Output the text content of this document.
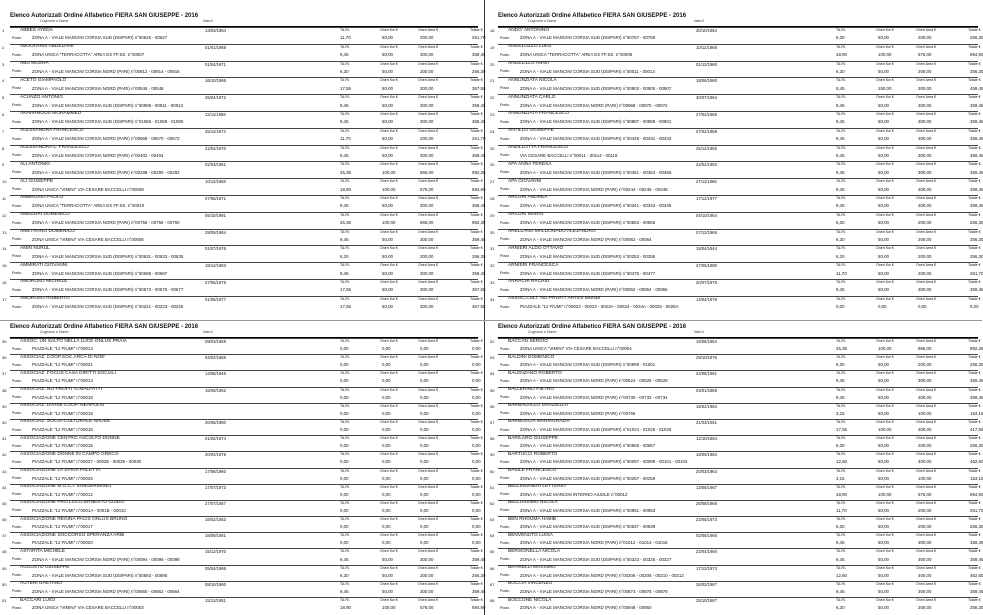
Elenco Autorizzati Ordine Alfabetico FIERA SAN GIUSEPPE - 2016
Cognome e Nome	Nato il
1	ABBES AYEDA	13/03/1984	TA.RI.	Oneri Kw €	Oneri Area €	Totale €
Posto ZONA A - VIALE MANCINI CORSIA SUD (DISPARI) n°00625 - 00627	11,70	50,00	200,00	261,70
2	ABOUFARIS ABDELHAK	01/01/1968	TA.RI.	Oneri Kw €	Oneri Area €	Totale €
Posto ZONA UNICA "TERRACOTTA" AREA EX FF.SS. n°00007	9,45	50,00	300,00	359,45
3	ABU MUSHA	01/04/1971	TA.RI.	Oneri Kw €	Oneri Area €	Totale €
Posto ZONA A - VIALE MANCINI CORSIA NORD (PARI) n°00912 - 00914 - 00916	6,30	50,00	200,00	256,30
4	ACETO GIAMPAOLO	16/10/1966	TA.RI.	Oneri Kw €	Oneri Area €	Totale €
Posto ZONA A - VIALE MANCINI CORSIA NORD (PARI) n°00546 - 00548	17,55	50,00	300,00	367,55
5	ACUNZO ANTONIO	25/04/1972	TA.RI.	Oneri Kw €	Oneri Area €	Totale €
Posto ZONA A - VIALE MANCINI CORSIA SUD (DISPARI) n°00909 - 00911 - 00913	9,45	50,00	300,00	359,45
6	AKHARMOUS MOHAMMED	12/11/1968	TA.RI.	Oneri Kw €	Oneri Area €	Totale €
Posto ZONA A - VIALE MANCINI CORSIA SUD (DISPARI) n°01066 - 01068 - 01090	9,45	50,00	300,00	359,45
7	ALESSANDRA FRANCESCO	25/11/1973	TA.RI.	Oneri Kw €	Oneri Area €	Totale €
Posto ZONA A - VIALE MANCINI CORSIA NORD (PARI) n°00568 - 00570 - 00572	11,70	50,00	200,00	261,70
8	ALESSANDRA L. FRANCESCO	22/02/1970	TA.RI.	Oneri Kw €	Oneri Area €	Totale €
Posto ZONA A - VIALE MANCINI CORSIA NORD (PARI) n°00402 - 00404	9,45	50,00	300,00	359,45
9	ALI ANTONIO	02/03/1961	TA.RI.	Oneri Kw €	Oneri Area €	Totale €
Posto ZONA A - VIALE MANCINI CORSIA NORD (PARI) n°00288 - 00290 - 00292	26,35	100,00	866,00	992,35
10	ALI GIUSEPPE	10/12/1960	TA.RI.	Oneri Kw €	Oneri Area €	Totale €
Posto ZONA UNICA "VIMINI" VIA CESARE BACCELLI n°00009	18,90	100,00	576,00	694,90
11	AMBROSIO PAOLO	07/06/1971	TA.RI.	Oneri Kw €	Oneri Area €	Totale €
Posto ZONA UNICA "TERRACOTTA" AREA EX FF.SS. n°00010	9,45	50,00	300,00	359,45
12	AMEDURI DOMENICO	05/10/1991	TA.RI.	Oneri Kw €	Oneri Area €	Totale €
Posto ZONA A - VIALE MANCINI CORSIA NORD (PARI) n°00756 - 00758 - 00760	26,35	100,00	866,00	992,35
13	AMETRANO DOMENICO	29/09/1964	TA.RI.	Oneri Kw €	Oneri Area €	Totale €
Posto ZONA UNICA "VIMINI" VIA CESARE BACCELLI n°00005	9,45	50,00	300,00	359,45
14	AMIN NURUL	01/07/1976	TA.RI.	Oneri Kw €	Oneri Area €	Totale €
Posto ZONA A - VIALE MANCINI CORSIA SUD (DISPARI) n°00631 - 00633 - 00635	6,30	50,00	200,00	256,30
15	AMMIRATI GIOVANNI	18/12/1963	TA.RI.	Oneri Kw €	Oneri Area €	Totale €
Posto ZONA A - VIALE MANCINI CORSIA SUD (DISPARI) n°00695 - 00697	9,45	50,00	300,00	359,45
16	AMORUSO MICHELE	27/06/1975	TA.RI.	Oneri Kw €	Oneri Area €	Totale €
Posto ZONA A - VIALE MANCINI CORSIA SUD (DISPARI) n°00673 - 00675 - 00677	17,55	50,00	300,00	367,55
17	AMORUSO ROBERTO	01/05/1977	TA.RI.	Oneri Kw €	Oneri Area €	Totale €
Posto ZONA A - VIALE MANCINI CORSIA SUD (DISPARI) n°00221 - 00223 - 00225	17,55	50,00	300,00	367,55
Elenco Autorizzati Ordine Alfabetico FIERA SAN GIUSEPPE - 2016
Cognome e Nome	Nato il
18	ANDO' ANTONINO	30/10/1954	TA.RI.	Oneri Kw €	Oneri Area €	Totale €
Posto ZONA A - VIALE MANCINI CORSIA SUD (DISPARI) n°00767 - 00769	6,30	50,00	200,00	256,30
19	ANGELOZZO LUIGI	10/12/1968	TA.RI.	Oneri Kw €	Oneri Area €	Totale €
Posto ZONA UNICA "TERRACOTTA" AREA EX FF.SS. n°00005	18,90	100,00	576,00	694,90
20	ANGELILLO ANNA	01/12/1960	TA.RI.	Oneri Kw €	Oneri Area €	Totale €
Posto ZONA A - VIALE MANCINI CORSIA SUD (DISPARI) n°00011 - 00013	6,30	50,00	200,00	256,30
21	ANNUNZIATA NICOLA	16/06/1960	TA.RI.	Oneri Kw €	Oneri Area €	Totale €
Posto ZONA A - VIALE MANCINI CORSIA SUD (DISPARI) n°00903 - 00905 - 00907	9,45	150,00	300,00	459,45
22	ANNUNZIATA CARLO	30/07/1964	TA.RI.	Oneri Kw €	Oneri Area €	Totale €
Posto ZONA A - VIALE MANCINI CORSIA NORD (PARI) n°00968 - 00970 - 00972	9,45	50,00	300,00	359,45
23	ANNUNZIATA FRANCESCO	27/02/1966	TA.RI.	Oneri Kw €	Oneri Area €	Totale €
Posto ZONA A - VIALE MANCINI CORSIA SUD (DISPARI) n°00897 - 00899 - 00901	9,45	50,00	300,00	359,45
24	ANTILLO GIUSEPPE	07/02/1958	TA.RI.	Oneri Kw €	Oneri Area €	Totale €
Posto ZONA A - VIALE MANCINI CORSIA SUD (DISPARI) n°00429 - 00431 - 00433	9,45	50,00	300,00	359,45
25	ANZILLOTTA FRANCESCO	25/12/1955	TA.RI.	Oneri Kw €	Oneri Area €	Totale €
Posto VIA CESARE BACCELLI n°00011 - 00114 - 00118	9,45	50,00	300,00	359,45
26	APA ANNA TERESA	22/02/1963	TA.RI.	Oneri Kw €	Oneri Area €	Totale €
Posto ZONA A - VIALE MANCINI CORSIA SUD (DISPARI) n°00361 - 00363 - 00365	9,45	50,00	300,00	359,45
27	APA GIOVANNI	27/11/1966	TA.RI.	Oneri Kw €	Oneri Area €	Totale €
Posto ZONA A - VIALE MANCINI CORSIA NORD (PARI) n°00244 - 00246 - 00248	9,45	50,00	300,00	359,45
28	ARCURI ANDREA	17/12/1977	TA.RI.	Oneri Kw €	Oneri Area €	Totale €
Posto ZONA A - VIALE MANCINI CORSIA SUD (DISPARI) n°00341 - 00343 - 00345	9,45	50,00	300,00	359,45
29	ARCURI MARIO	04/10/1954	TA.RI.	Oneri Kw €	Oneri Area €	Totale €
Posto ZONA A - VIALE MANCINI CORSIA SUD (DISPARI) n°00563 - 00565	6,30	50,00	200,00	256,30
30	ARELLANO MALDONADO ALEJANDRO	07/12/1969	TA.RI.	Oneri Kw €	Oneri Area €	Totale €
Posto ZONA A - VIALE MANCINI CORSIA NORD (PARI) n°00062 - 00064	6,30	50,00	200,00	256,30
31	ARNIERI ALDO OTTAVIO	15/04/1944	TA.RI.	Oneri Kw €	Oneri Area €	Totale €
Posto ZONA A - VIALE MANCINI CORSIA SUD (DISPARI) n°00253 - 00255	6,30	50,00	200,00	256,30
32	ARNIERI FRANCESCA	27/05/1980	TA.RI.	Oneri Kw €	Oneri Area €	Totale €
Posto ZONA A - VIALE MANCINI CORSIA SUD (DISPARI) n°00475 - 00477	11,70	50,00	200,00	261,70
33	ARRACHI RACHID	20/07/1976	TA.RI.	Oneri Kw €	Oneri Area €	Totale €
Posto ZONA A - VIALE MANCINI CORSIA NORD (PARI) n°00952 - 00954 - 00956	9,45	50,00	300,00	359,45
34	ASSOC.CULT. NO PROFIT ARTES MUNDI	14/04/1978	TA.RI.	Oneri Kw €	Oneri Area €	Totale €
Posto PIAZZALE "12 FIUMI" n°00022 - 00023 - 0023A - 00024 - 0024A - 00025 - 0025A	0,00	0,00	0,00	0,00
Elenco Autorizzati Ordine Alfabetico FIERA SAN GIUSEPPE - 2016
Cognome e Nome	Nato il
35	ASSOC. UN SALTO NELLA LUCE ONLUS PRAIA	09/03/1959	TA.RI.	Oneri Kw €	Oneri Area €	Totale €
Posto PIAZZALE "12 FIUMI" n°00014	0,00	0,00	0,00	0,00
36	ASSOCIAZ. COOP.SOC.ARCA DI NOE'	04/02/1966	TA.RI.	Oneri Kw €	Oneri Area €	Totale €
Posto PIAZZALE "12 FIUMI" n°00021	0,00	0,00	0,00	0,00
37	ASSOCIAZ. FOCUS CASA DIRITTI SOCIALI	14/08/1945	TA.RI.	Oneri Kw €	Oneri Area €	Totale €
Posto PIAZZALE "12 FIUMI" n°00013	0,00	0,00	0,00	0,00
38	ASSOCIAZ. NO PROFIT G.MALFATTI	15/09/1962	TA.RI.	Oneri Kw €	Oneri Area €	Totale €
Posto PIAZZALE "12 FIUMI" n°00018	0,00	0,00	0,00	0,00
39	ASSOCIAZ. DIVISE COOP. NEAPOLIS	TA.RI.	Oneri Kw €	Oneri Area €	Totale €
Posto PIAZZALE "12 FIUMI" n°00019	0,00	0,00	0,00	0,00
40	ASSOCIAZ. SOCIO-CULTURALE NAUDE	20/08/1960	TA.RI.	Oneri Kw €	Oneri Area €	Totale €
Posto PIAZZALE "12 FIUMI" n°00016	0,00	0,00	0,00	0,00
41	ASSOCIAZIONE CENTRO ASCOLTO DONNE	01/02/1974	TA.RI.	Oneri Kw €	Oneri Area €	Totale €
Posto PIAZZALE "12 FIUMI" n°00015	0,00	0,00	0,00	0,00
42	ASSOCIAZIONE DONNE IN CAMPO GRECO	20/04/1978	TA.RI.	Oneri Kw €	Oneri Area €	Totale €
Posto PIAZZALE "12 FIUMI" n°00027 - 00028 - 00029 - 00030	0,00	0,00	0,00	0,00
43	ASSOCIAZIONE LA SPIGA PALETTA	17/06/1960	TA.RI.	Oneri Kw €	Oneri Area €	Totale €
Posto PIAZZALE "12 FIUMI" n°00026	0,00	0,00	0,00	0,00
44	ASSOCIAZIONE M.O.C.I. SANGERMANO	17/07/1973	TA.RI.	Oneri Kw €	Oneri Area €	Totale €
Posto PIAZZALE "12 FIUMI" n°00012	0,00	0,00	0,00	0,00
45	ASSOCIAZIONE PRO LOCO ERNESTO GUIDO	27/07/1957	TA.RI.	Oneri Kw €	Oneri Area €	Totale €
Posto PIAZZALE "12 FIUMI" n°0001A - 0001B - 0001C	0,00	0,00	0,00	0,00
46	ASSOCIAZIONE REGINA PACIS ONLUS BRUNO	18/02/1953	TA.RI.	Oneri Kw €	Oneri Area €	Totale €
Posto PIAZZALE "12 FIUMI" n°00017	0,00	0,00	0,00	0,00
47	ASSOCIAZIONE SOCCORSO SPERANZA ARBI	18/09/1961	TA.RI.	Oneri Kw €	Oneri Area €	Totale €
Posto PIAZZALE "12 FIUMI" n°00020	0,00	0,00	0,00	0,00
48	ASTARITA MICHELE	15/12/1970	TA.RI.	Oneri Kw €	Oneri Area €	Totale €
Posto ZONA A - VIALE MANCINI CORSIA NORD (PARI) n°00094 - 00096 - 00098	9,45	50,00	300,00	359,45
49	AUGUSTO GIUSEPPE	05/04/1966	TA.RI.	Oneri Kw €	Oneri Area €	Totale €
Posto ZONA A - VIALE MANCINI CORSIA SUD (DISPARI) n°00693 - 00695	6,30	50,00	200,00	256,30
50	AUTERI GAETANO	08/10/1960	TA.RI.	Oneri Kw €	Oneri Area €	Totale €
Posto ZONA A - VIALE MANCINI CORSIA NORD (PARI) n°00660 - 00662 - 00664	9,45	50,00	300,00	359,45
51	BACCARI LUIGI	15/12/1951	TA.RI.	Oneri Kw €	Oneri Area €	Totale €
Posto ZONA UNICA "VIMINI" VIA CESARE BACCELLI n°00003	18,90	100,00	576,00	694,90
Elenco Autorizzati Ordine Alfabetico FIERA SAN GIUSEPPE - 2016
Cognome e Nome	Nato il
52	BACCAN SERGIO	16/06/1954	TA.RI.	Oneri Kw €	Oneri Area €	Totale €
Posto ZONA UNICA "VIMINI" VIA CESARE BACCELLI n°00004	26,35	100,00	866,00	992,35
53	BALDINI DOMENICO	29/10/1976	TA.RI.	Oneri Kw €	Oneri Area €	Totale €
Posto ZONA A - VIALE MANCINI CORSIA SUD (DISPARI) n°00999 - 01001	6,30	50,00	200,00	256,30
54	BALENZANO ROBERTO	22/08/1961	TA.RI.	Oneri Kw €	Oneri Area €	Totale €
Posto ZONA A - VIALE MANCINI CORSIA NORD (PARI) n°00524 - 00526 - 00528	9,45	50,00	300,00	359,45
55	BALLERINO PIETRO	03/01/1959	TA.RI.	Oneri Kw €	Oneri Area €	Totale €
Posto ZONA A - VIALE MANCINI CORSIA NORD (PARI) n°00730 - 00732 - 00734	9,45	50,00	300,00	359,45
56	BARBAGALLO GRAZIELLA	15/02/1964	TA.RI.	Oneri Kw €	Oneri Area €	Totale €
Posto ZONA A - VIALE MANCINI CORSIA NORD (PARI) n°00766	3,15	50,00	100,00	153,15
57	BARBUSCIA MARIAGRAZIA	21/03/1961	TA.RI.	Oneri Kw €	Oneri Area €	Totale €
Posto ZONA A - VIALE MANCINI CORSIA SUD (DISPARI) n°01024 - 01026 - 01028	17,55	100,00	300,00	417,55
58	BARILARO GIUSEPPE	12/10/1994	TA.RI.	Oneri Kw €	Oneri Area €	Totale €
Posto ZONA A - VIALE MANCINI CORSIA SUD (DISPARI) n°00665 - 00667	6,30	50,00	200,00	256,30
59	BARTUCCI ROBERTO	18/09/1964	TA.RI.	Oneri Kw €	Oneri Area €	Totale €
Posto ZONA A - VIALE MANCINI CORSIA SUD (DISPARI) n°00097 - 00099 - 00101 - 00103	12,60	50,00	400,00	462,60
60	BASILE FRANCESCO	20/03/1963	TA.RI.	Oneri Kw €	Oneri Area €	Totale €
Posto ZONA A - VIALE MANCINI CORSIA SUD (DISPARI) n°00257 - 00259	3,15	50,00	100,00	153,15
61	BELLINGHIERI LETTERIO	13/06/1967	TA.RI.	Oneri Kw €	Oneri Area €	Totale €
Posto ZONA A - VIALE MANCINI INTERNO AIUOLE n°00012	18,90	100,00	576,00	694,90
62	BELLUSSIMO NICOLA	28/08/1968	TA.RI.	Oneri Kw €	Oneri Area €	Totale €
Posto ZONA A - VIALE MANCINI CORSIA SUD (DISPARI) n°00951 - 00953	11,70	50,00	200,00	261,70
63	BEN RHOUMA HABIB	22/05/1973	TA.RI.	Oneri Kw €	Oneri Area €	Totale €
Posto ZONA A - VIALE MANCINI CORSIA SUD (DISPARI) n°00837 - 00839	6,30	50,00	200,00	256,30
64	BENVENUTO LUISA	02/06/1966	TA.RI.	Oneri Kw €	Oneri Area €	Totale €
Posto ZONA A - VIALE MANCINI CORSIA NORD (PARI) n°01012 - 01014 - 01016	9,45	50,00	300,00	359,45
65	BERSIONELLA NICOLA	22/04/1960	TA.RI.	Oneri Kw €	Oneri Area €	Totale €
Posto ZONA A - VIALE MANCINI CORSIA SUD (DISPARI) n°00323 - 00325 - 00327	9,45	50,00	300,00	359,45
66	BIFARELLI MASSIMO	17/12/1973	TA.RI.	Oneri Kw €	Oneri Area €	Totale €
Posto ZONA A - VIALE MANCINI CORSIA NORD (PARI) n°00206 - 00208 - 00210 - 00212	12,60	50,00	400,00	462,60
67	BOCCIA VINCENZO	26/02/1967	TA.RI.	Oneri Kw €	Oneri Area €	Totale €
Posto ZONA A - VIALE MANCINI CORSIA NORD (PARI) n°00874 - 00876 - 00878	9,45	50,00	300,00	359,45
68	BOCCONE NICOLA	25/10/1967	TA.RI.	Oneri Kw €	Oneri Area €	Totale €
Posto ZONA A - VIALE MANCINI CORSIA NORD (PARI) n°00948 - 00950	6,30	50,00	200,00	256,30
